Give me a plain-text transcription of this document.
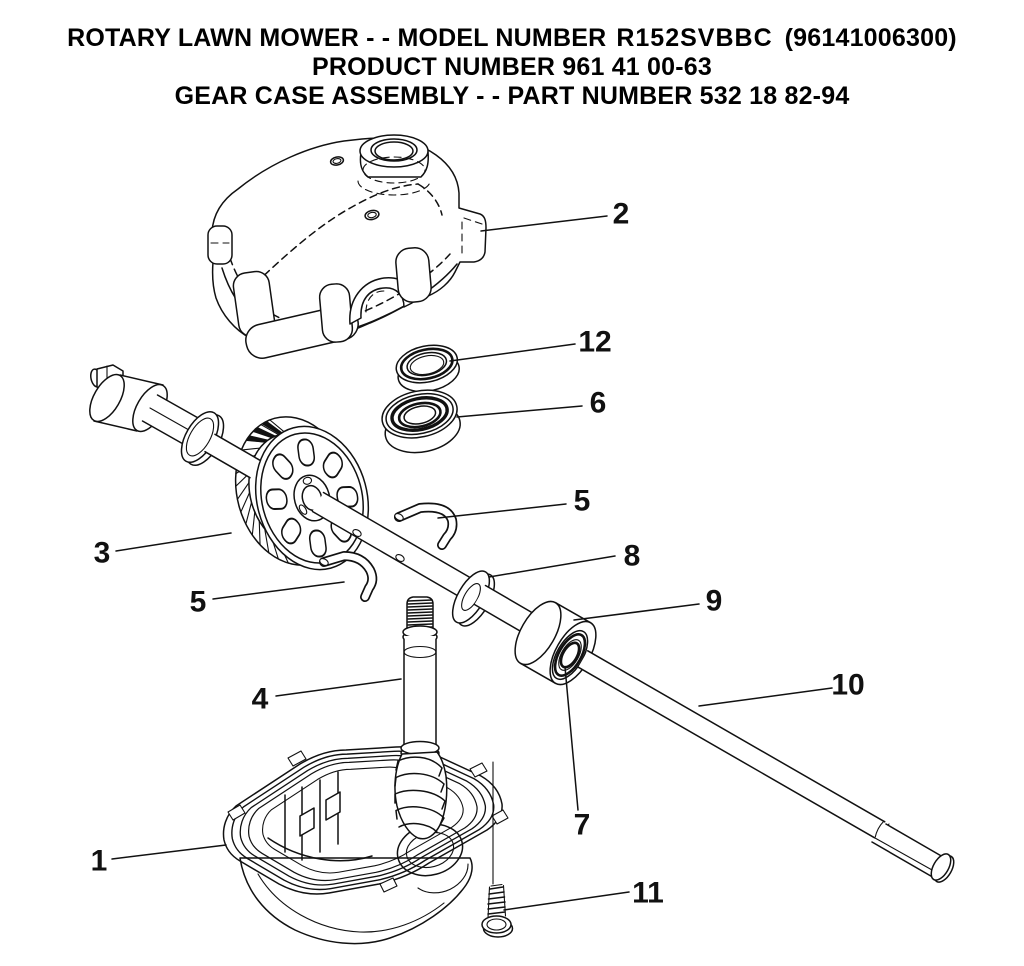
2
12
6
5
8
3
9
5
4	10
7
1
11
ROTARY LAWN MOWER - - MODEL NUMBER R152SVBBC (96141006300)
PRODUCT NUMBER 961 41 00-63
GEAR CASE ASSEMBLY - - PART NUMBER 532 18 82-94
